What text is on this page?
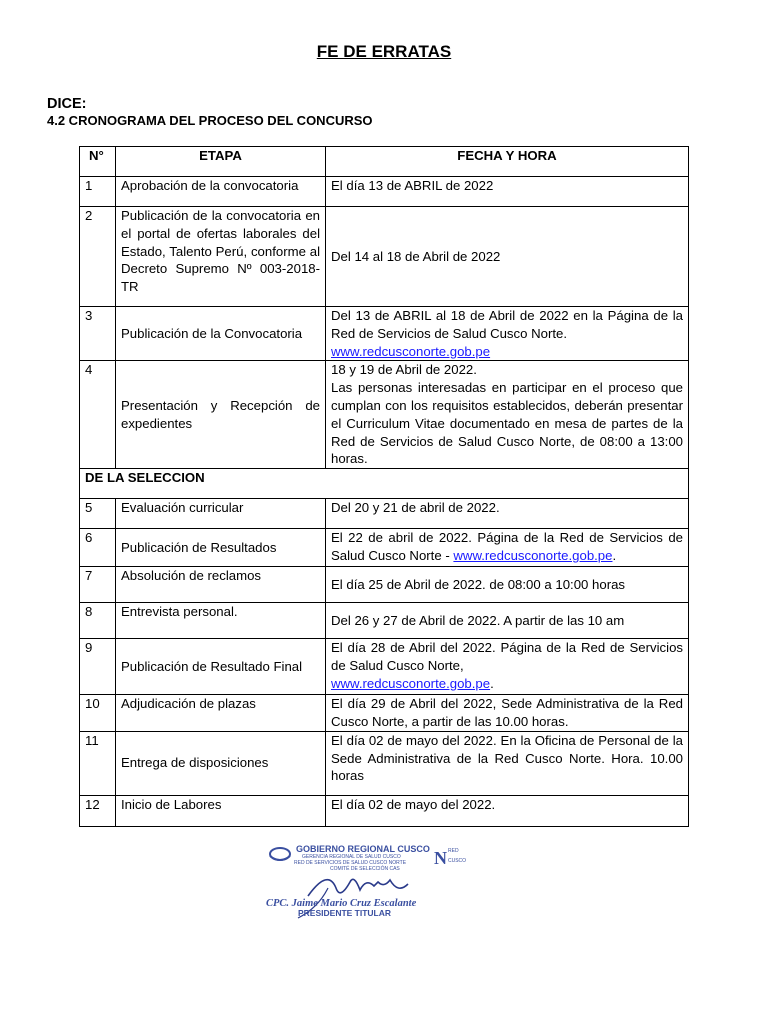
FE DE ERRATAS
DICE:
4.2 CRONOGRAMA DEL PROCESO DEL CONCURSO
N°	ETAPA	FECHA Y HORA
1	Aprobación de la convocatoria	El día 13 de ABRIL de 2022
2	Publicación de la convocatoria en el portal de ofertas laborales del Estado, Talento Perú, conforme al Decreto Supremo Nº 003-2018-TR	Del 14 al 18 de Abril de 2022
3	Publicación de la Convocatoria	Del 13 de ABRIL al 18 de Abril de 2022 en la Página de la Red de Servicios de Salud Cusco Norte.
www.redcusconorte.gob.pe
4	Presentación y Recepción de expedientes	18 y 19 de Abril de 2022.
Las personas interesadas en participar en el proceso que cumplan con los requisitos establecidos, deberán presentar el Curriculum Vitae documentado en mesa de partes de la Red de Servicios de Salud Cusco Norte, de 08:00 a 13:00 horas.
DE LA SELECCION		
5	Evaluación curricular	Del 20 y 21 de abril de 2022.
6	Publicación de Resultados	El 22 de abril de 2022. Página de la Red de Servicios de Salud Cusco Norte - www.redcusconorte.gob.pe.
7	Absolución de reclamos	El día 25 de Abril de 2022. de 08:00 a 10:00 horas
8	Entrevista personal.	Del 26 y 27 de Abril de 2022. A partir de las 10 am
9	Publicación de Resultado Final	El día 28 de Abril del 2022. Página de la Red de Servicios de Salud Cusco Norte,
www.redcusconorte.gob.pe.
10	Adjudicación de plazas	El día 29 de Abril del 2022, Sede Administrativa de la Red Cusco Norte, a partir de las 10.00 horas.
11	Entrega de disposiciones	El día 02 de mayo del 2022. En la Oficina de Personal de la Sede Administrativa de la Red Cusco Norte. Hora. 10.00 horas
12	Inicio de Labores	El día 02 de mayo del 2022.
GOBIERNO REGIONAL CUSCO
GERENCIA REGIONAL DE SALUD CUSCO
RED DE SERVICIOS DE SALUD CUSCO NORTE
COMITÉ DE SELECCIÓN CAS
N RED
CUSCO
CPC. Jaime Mario Cruz Escalante
PRESIDENTE TITULAR
